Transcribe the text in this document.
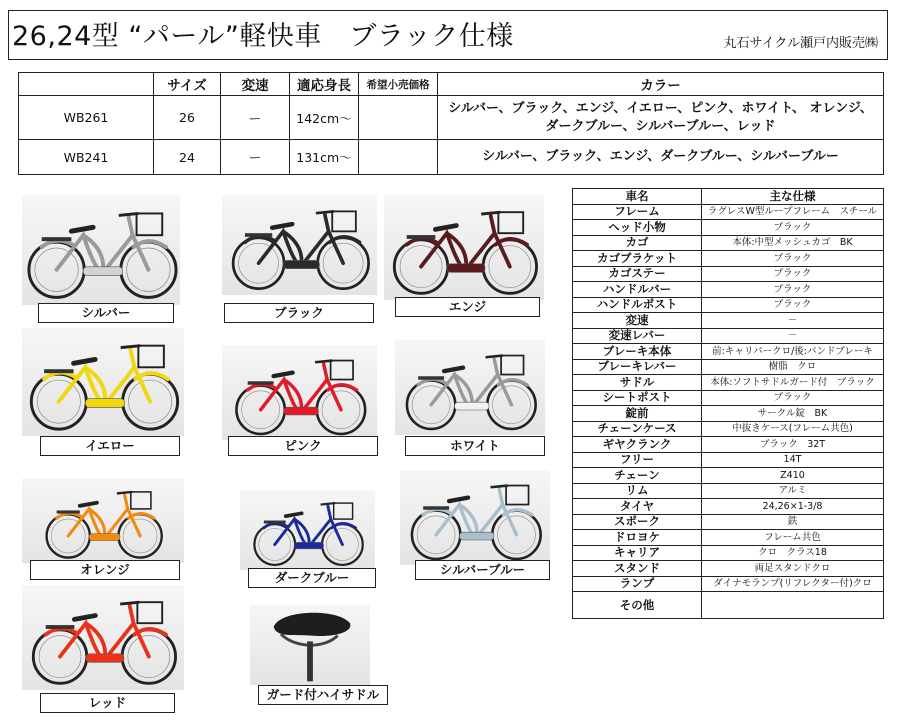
26,24型 “パール”軽快車　ブラック仕様	丸石サイクル瀬戸内販売㈱
	サイズ	変速	適応身長	希望小売価格	カラー
WB261	26	ー	142cm～		シルバー、ブラック、エンジ、イエロー、ピンク、ホワイト、 オレンジ、
ダークブルー、シルバーブルー、レッド

WB241	24	ー	131cm～		シルバー、ブラック、エンジ、ダークブルー、シルバーブルー
シルバー	ブラック	エンジ
イエロー	ピンク	ホワイト
オレンジ
ダークブルー
シルバーブルー
レッド
ガード付ハイサドル
車名	主な仕様
フレーム	ラグレスW型ループフレーム　スチール
ヘッド小物	ブラック
カゴ	本体:中型メッシュカゴ　BK
カゴブラケット	ブラック
カゴステー	ブラック
ハンドルバー	ブラック
ハンドルポスト	ブラック
変速	－
変速レバー	－
ブレーキ本体	前:キャリパークロ/後:バンドブレーキ
ブレーキレバー	樹脂　クロ
サドル	本体:ソフトサドルガード付　ブラック
シートポスト	ブラック
錠前	サークル錠　BK
チェーンケース	中抜きケース(フレーム共色)
ギヤクランク	ブラック　32T
フリー	14T
チェーン	Z410
リム	アルミ
タイヤ	24,26×1-3/8
スポーク	鉄
ドロヨケ	フレーム共色
キャリア	クロ　クラス18
スタンド	両足スタンドクロ
ランプ	ダイナモランプ(リフレクター付)クロ
その他	
